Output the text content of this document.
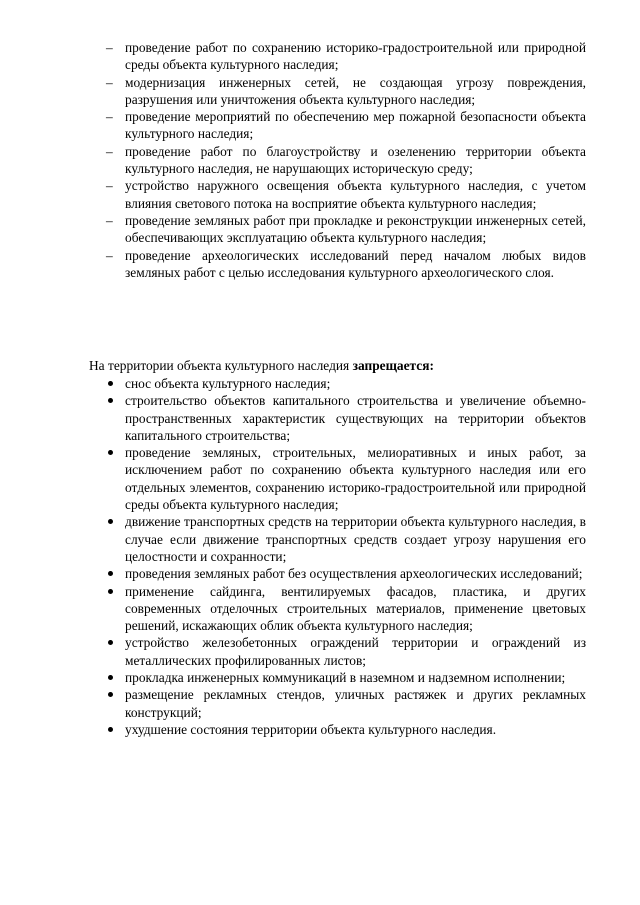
– проведение работ по сохранению историко-градостроительной или природной среды объекта культурного наследия;
– модернизация инженерных сетей, не создающая угрозу повреждения, разрушения или уничтожения объекта культурного наследия;
– проведение мероприятий по обеспечению мер пожарной безопасности объекта культурного наследия;
– проведение работ по благоустройству и озеленению территории объекта культурного наследия, не нарушающих историческую среду;
– устройство наружного освещения объекта культурного наследия, с учетом влияния светового потока на восприятие объекта культурного наследия;
– проведение земляных работ при прокладке и реконструкции инженерных сетей, обеспечивающих эксплуатацию объекта культурного наследия;
– проведение археологических исследований перед началом любых видов земляных работ с целью исследования культурного археологического слоя.

На территории объекта культурного наследия запрещается:

снос объекта культурного наследия;
строительство объектов капитального строительства и увеличение объемно-пространственных характеристик существующих на территории объектов капитального строительства;
проведение земляных, строительных, мелиоративных и иных работ, за исключением работ по сохранению объекта культурного наследия или его отдельных элементов, сохранению историко-градостроительной или природной среды объекта культурного наследия;
движение транспортных средств на территории объекта культурного наследия, в случае если движение транспортных средств создает угрозу нарушения его целостности и сохранности;
проведения земляных работ без осуществления археологических исследований;
применение сайдинга, вентилируемых фасадов, пластика, и других современных отделочных строительных материалов, применение цветовых решений, искажающих облик объекта культурного наследия;
устройство железобетонных ограждений территории и ограждений из металлических профилированных листов;
прокладка инженерных коммуникаций в наземном и надземном исполнении;
размещение рекламных стендов, уличных растяжек и других рекламных конструкций;
ухудшение состояния территории объекта культурного наследия.
